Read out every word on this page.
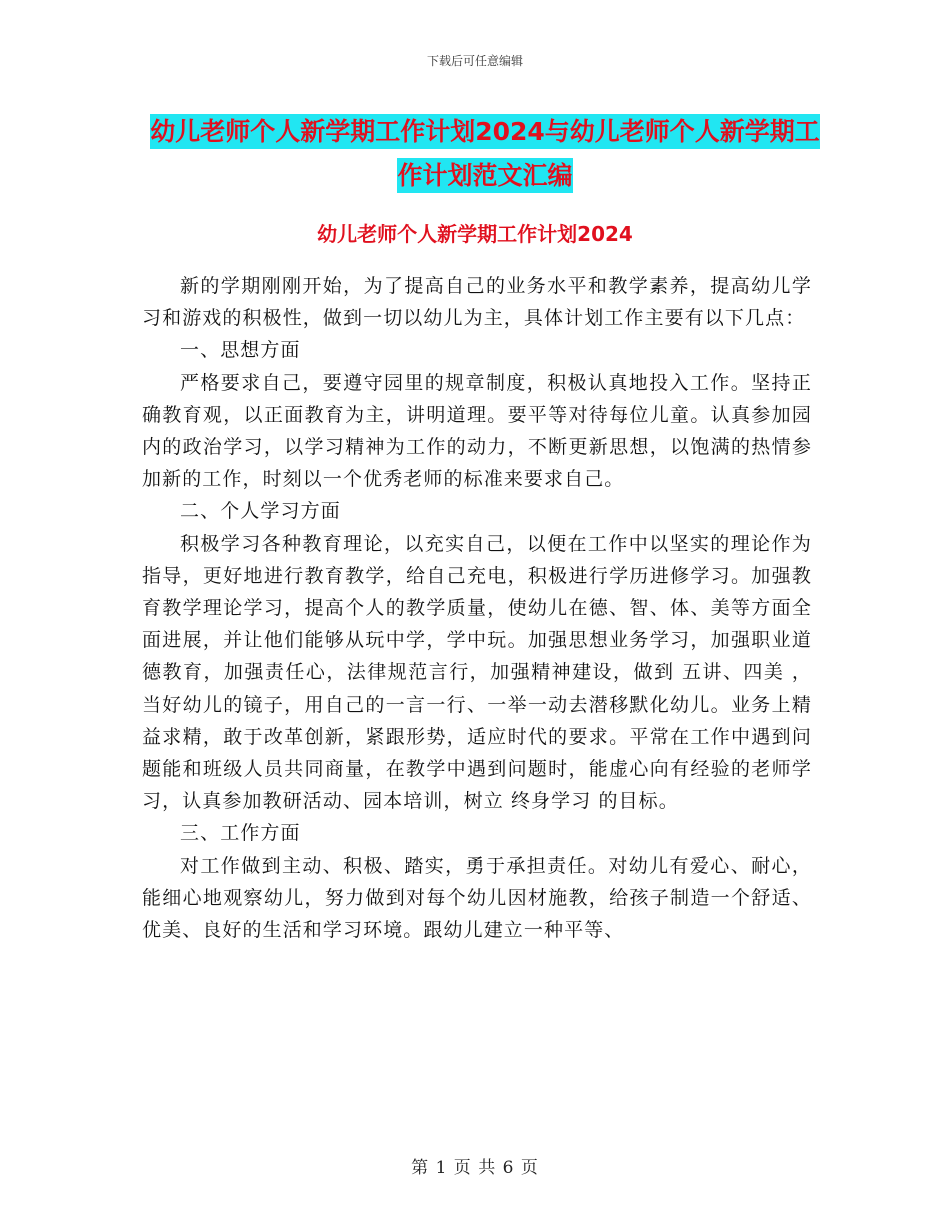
下载后可任意编辑
幼儿老师个人新学期工作计划2024与幼儿老师个人新学期工作计划范文汇编
幼儿老师个人新学期工作计划2024

新的学期刚刚开始，为了提高自己的业务水平和教学素养，提高幼儿学习和游戏的积极性，做到一切以幼儿为主，具体计划工作主要有以下几点：

一、思想方面

严格要求自己，要遵守园里的规章制度，积极认真地投入工作。坚持正确教育观，以正面教育为主，讲明道理。要平等对待每位儿童。认真参加园内的政治学习，以学习精神为工作的动力，不断更新思想，以饱满的热情参加新的工作，时刻以一个优秀老师的标准来要求自己。

二、个人学习方面

积极学习各种教育理论，以充实自己，以便在工作中以坚实的理论作为指导，更好地进行教育教学，给自己充电，积极进行学历进修学习。加强教育教学理论学习，提高个人的教学质量，使幼儿在德、智、体、美等方面全面进展，并让他们能够从玩中学，学中玩。加强思想业务学习，加强职业道德教育，加强责任心，法律规范言行，加强精神建设，做到 五讲、四美 ，当好幼儿的镜子，用自己的一言一行、一举一动去潜移默化幼儿。业务上精益求精，敢于改革创新，紧跟形势，适应时代的要求。平常在工作中遇到问题能和班级人员共同商量，在教学中遇到问题时，能虚心向有经验的老师学习，认真参加教研活动、园本培训，树立 终身学习 的目标。

三、工作方面

对工作做到主动、积极、踏实，勇于承担责任。对幼儿有爱心、耐心，能细心地观察幼儿，努力做到对每个幼儿因材施教，给孩子制造一个舒适、优美、良好的生活和学习环境。跟幼儿建立一种平等、

第 1 页 共 6 页
